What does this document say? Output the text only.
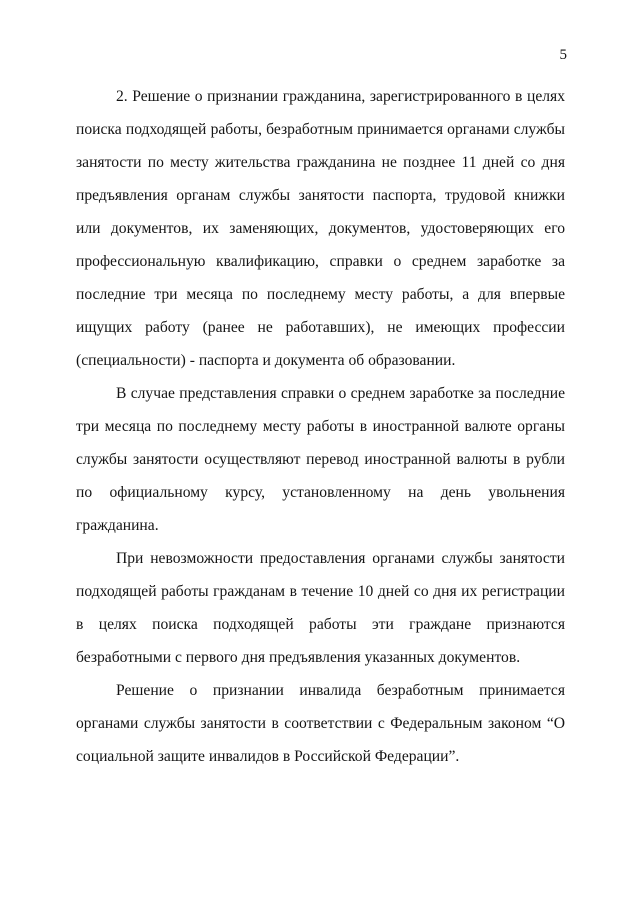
5

2. Решение о признании гражданина, зарегистрированного в целях поиска подходящей работы, безработным принимается органами службы занятости по месту жительства гражданина не позднее 11 дней со дня предъявления органам службы занятости паспорта, трудовой книжки или документов, их заменяющих, документов, удостоверяющих его профессиональную квалификацию, справки о среднем заработке за последние три месяца по последнему месту работы, а для впервые ищущих работу (ранее не работавших), не имеющих профессии (специальности) - паспорта и документа об образовании.

В случае представления справки о среднем заработке за последние три месяца по последнему месту работы в иностранной валюте органы службы занятости осуществляют перевод иностранной валюты в рубли по официальному курсу, установленному на день увольнения гражданина.

При невозможности предоставления органами службы занятости подходящей работы гражданам в течение 10 дней со дня их регистрации в целях поиска подходящей работы эти граждане признаются безработными с первого дня предъявления указанных документов.

Решение о признании инвалида безработным принимается органами службы занятости в соответствии с Федеральным законом “О социальной защите инвалидов в Российской Федерации”.
